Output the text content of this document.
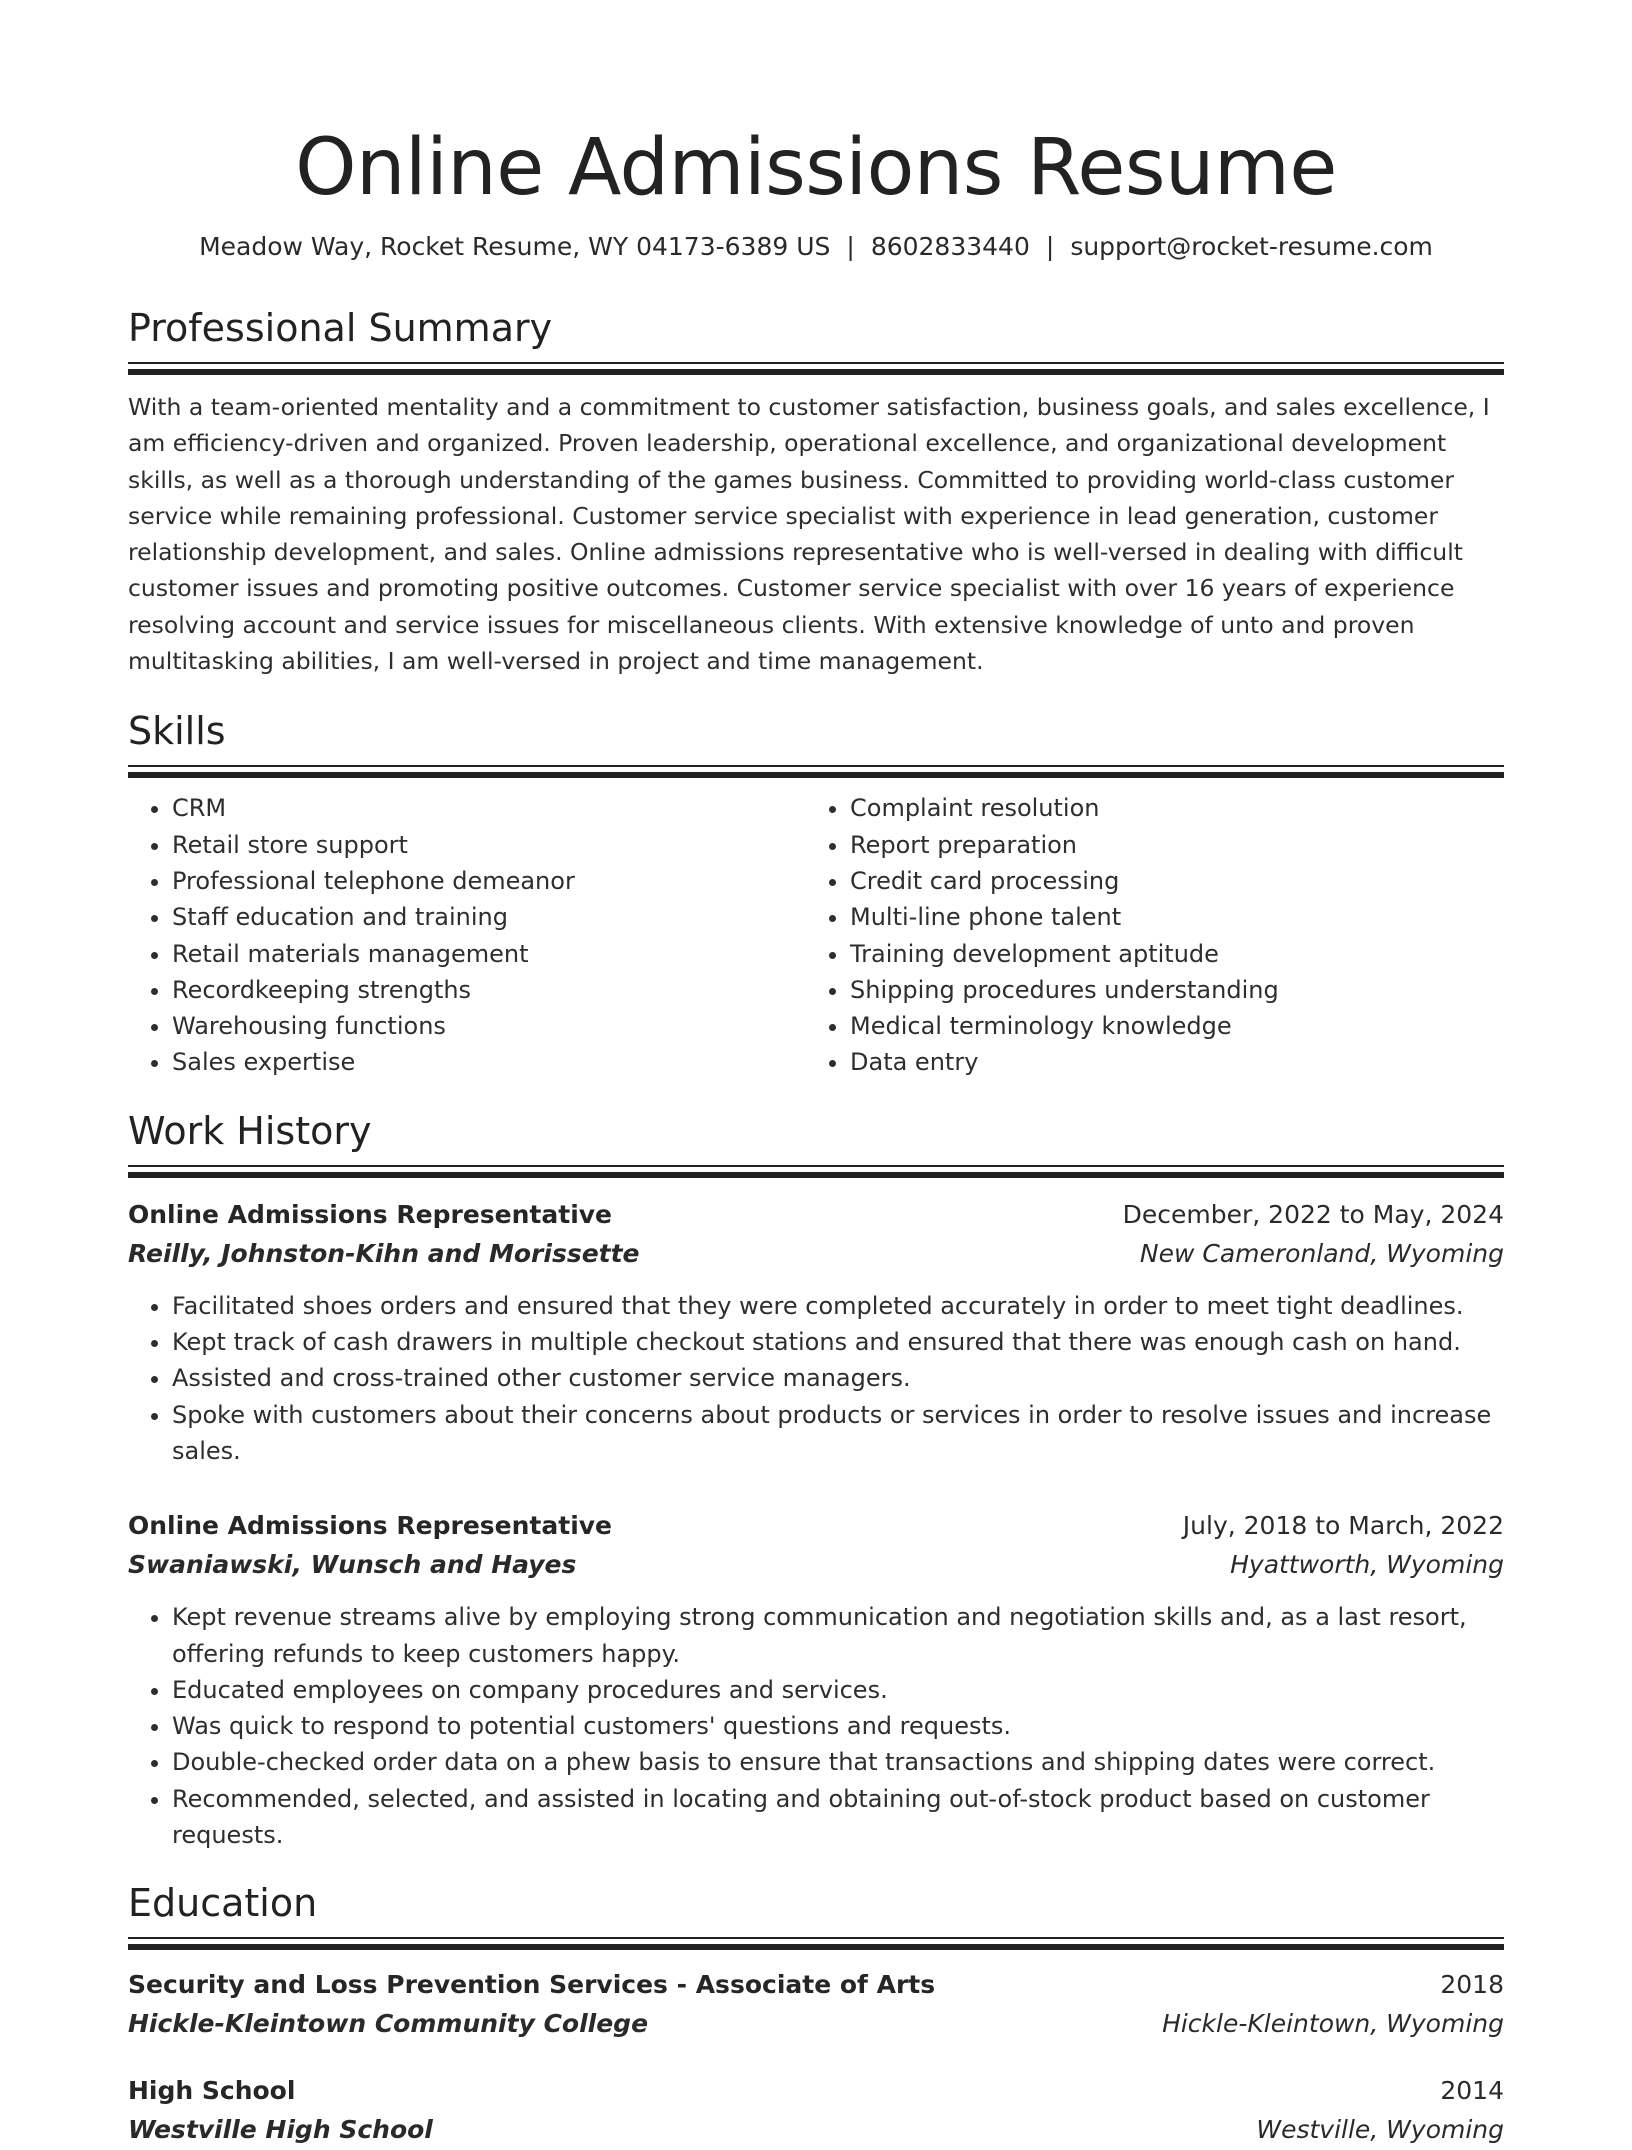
Online Admissions Resume
Meadow Way, Rocket Resume, WY 04173-6389 US | 8602833440 | support@rocket-resume.com
Professional Summary

With a team-oriented mentality and a commitment to customer satisfaction, business goals, and sales excellence, I am efficiency-driven and organized. Proven leadership, operational excellence, and organizational development skills, as well as a thorough understanding of the games business. Committed to providing world-class customer service while remaining professional. Customer service specialist with experience in lead generation, customer relationship development, and sales. Online admissions representative who is well-versed in dealing with difficult customer issues and promoting positive outcomes. Customer service specialist with over 16 years of experience resolving account and service issues for miscellaneous clients. With extensive knowledge of unto and proven multitasking abilities, I am well-versed in project and time management.

Skills
• CRM
• Retail store support
• Professional telephone demeanor
• Staff education and training
• Retail materials management
• Recordkeeping strengths
• Warehousing functions
• Sales expertise
• Complaint resolution
• Report preparation
• Credit card processing
• Multi-line phone talent
• Training development aptitude
• Shipping procedures understanding
• Medical terminology knowledge
• Data entry
Work History
Online Admissions Representative	December, 2022 to May, 2024
Reilly, Johnston-Kihn and Morissette	New Cameronland, Wyoming
• Facilitated shoes orders and ensured that they were completed accurately in order to meet tight deadlines.
• Kept track of cash drawers in multiple checkout stations and ensured that there was enough cash on hand.
• Assisted and cross-trained other customer service managers.
• Spoke with customers about their concerns about products or services in order to resolve issues and increase sales.
Online Admissions Representative	July, 2018 to March, 2022
Swaniawski, Wunsch and Hayes	Hyattworth, Wyoming
• Kept revenue streams alive by employing strong communication and negotiation skills and, as a last resort, offering refunds to keep customers happy.
• Educated employees on company procedures and services.
• Was quick to respond to potential customers' questions and requests.
• Double-checked order data on a phew basis to ensure that transactions and shipping dates were correct.
• Recommended, selected, and assisted in locating and obtaining out-of-stock product based on customer requests.
Education
Security and Loss Prevention Services - Associate of Arts	2018
Hickle-Kleintown Community College	Hickle-Kleintown, Wyoming
High School	2014
Westville High School	Westville, Wyoming
